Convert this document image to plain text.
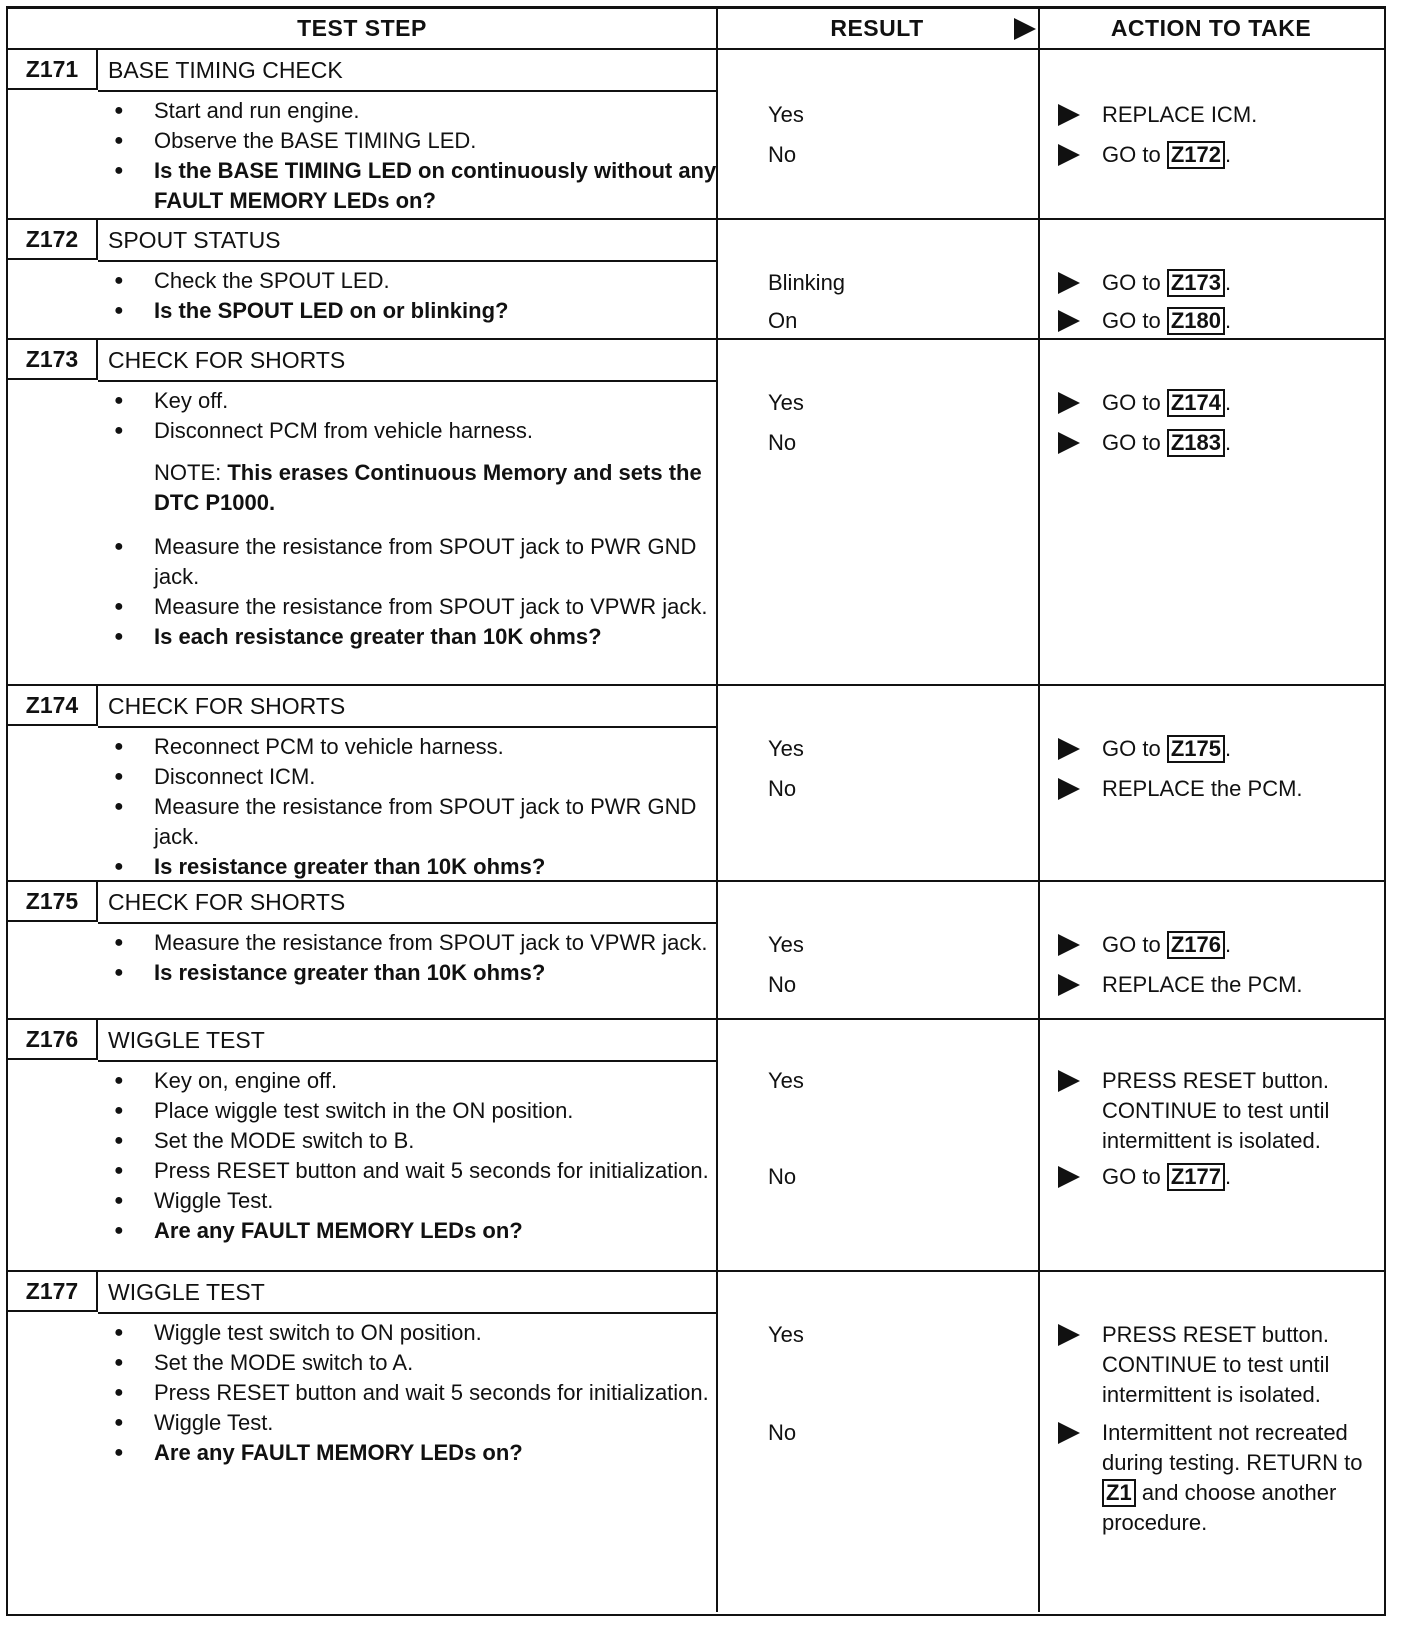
TEST STEP	RESULT	ACTION TO TAKE
Z171	BASE TIMING CHECK
● Start and run engine.
● Observe the BASE TIMING LED.
● Is the BASE TIMING LED on continuously without any FAULT MEMORY LEDs on?
Yes	REPLACE ICM.
No	GO to Z172 .
Z172	SPOUT STATUS
● Check the SPOUT LED.
● Is the SPOUT LED on or blinking?
Blinking	GO to Z173 .
On	GO to Z180 .
Z173	CHECK FOR SHORTS
● Key off.
● Disconnect PCM from vehicle harness.
NOTE: This erases Continuous Memory and sets the DTC P1000.
● Measure the resistance from SPOUT jack to PWR GND jack.
● Measure the resistance from SPOUT jack to VPWR jack.
● Is each resistance greater than 10K ohms?
Yes	GO to Z174 .
No	GO to Z183 .
Z174	CHECK FOR SHORTS
● Reconnect PCM to vehicle harness.
● Disconnect ICM.
● Measure the resistance from SPOUT jack to PWR GND jack.
● Is resistance greater than 10K ohms?
Yes	GO to Z175 .
No	REPLACE the PCM.
Z175	CHECK FOR SHORTS
● Measure the resistance from SPOUT jack to VPWR jack.
● Is resistance greater than 10K ohms?
Yes	GO to Z176 .
No	REPLACE the PCM.
Z176	WIGGLE TEST
● Key on, engine off.
● Place wiggle test switch in the ON position.
● Set the MODE switch to B.
● Press RESET button and wait 5 seconds for initialization.
● Wiggle Test.
● Are any FAULT MEMORY LEDs on?
Yes	PRESS RESET button. CONTINUE to test until intermittent is isolated.
No	GO to Z177 .
Z177	WIGGLE TEST
● Wiggle test switch to ON position.
● Set the MODE switch to A.
● Press RESET button and wait 5 seconds for initialization.
● Wiggle Test.
● Are any FAULT MEMORY LEDs on?
Yes	PRESS RESET button. CONTINUE to test until intermittent is isolated.
No	Intermittent not recreated during testing. RETURN to Z1 and choose another procedure.
